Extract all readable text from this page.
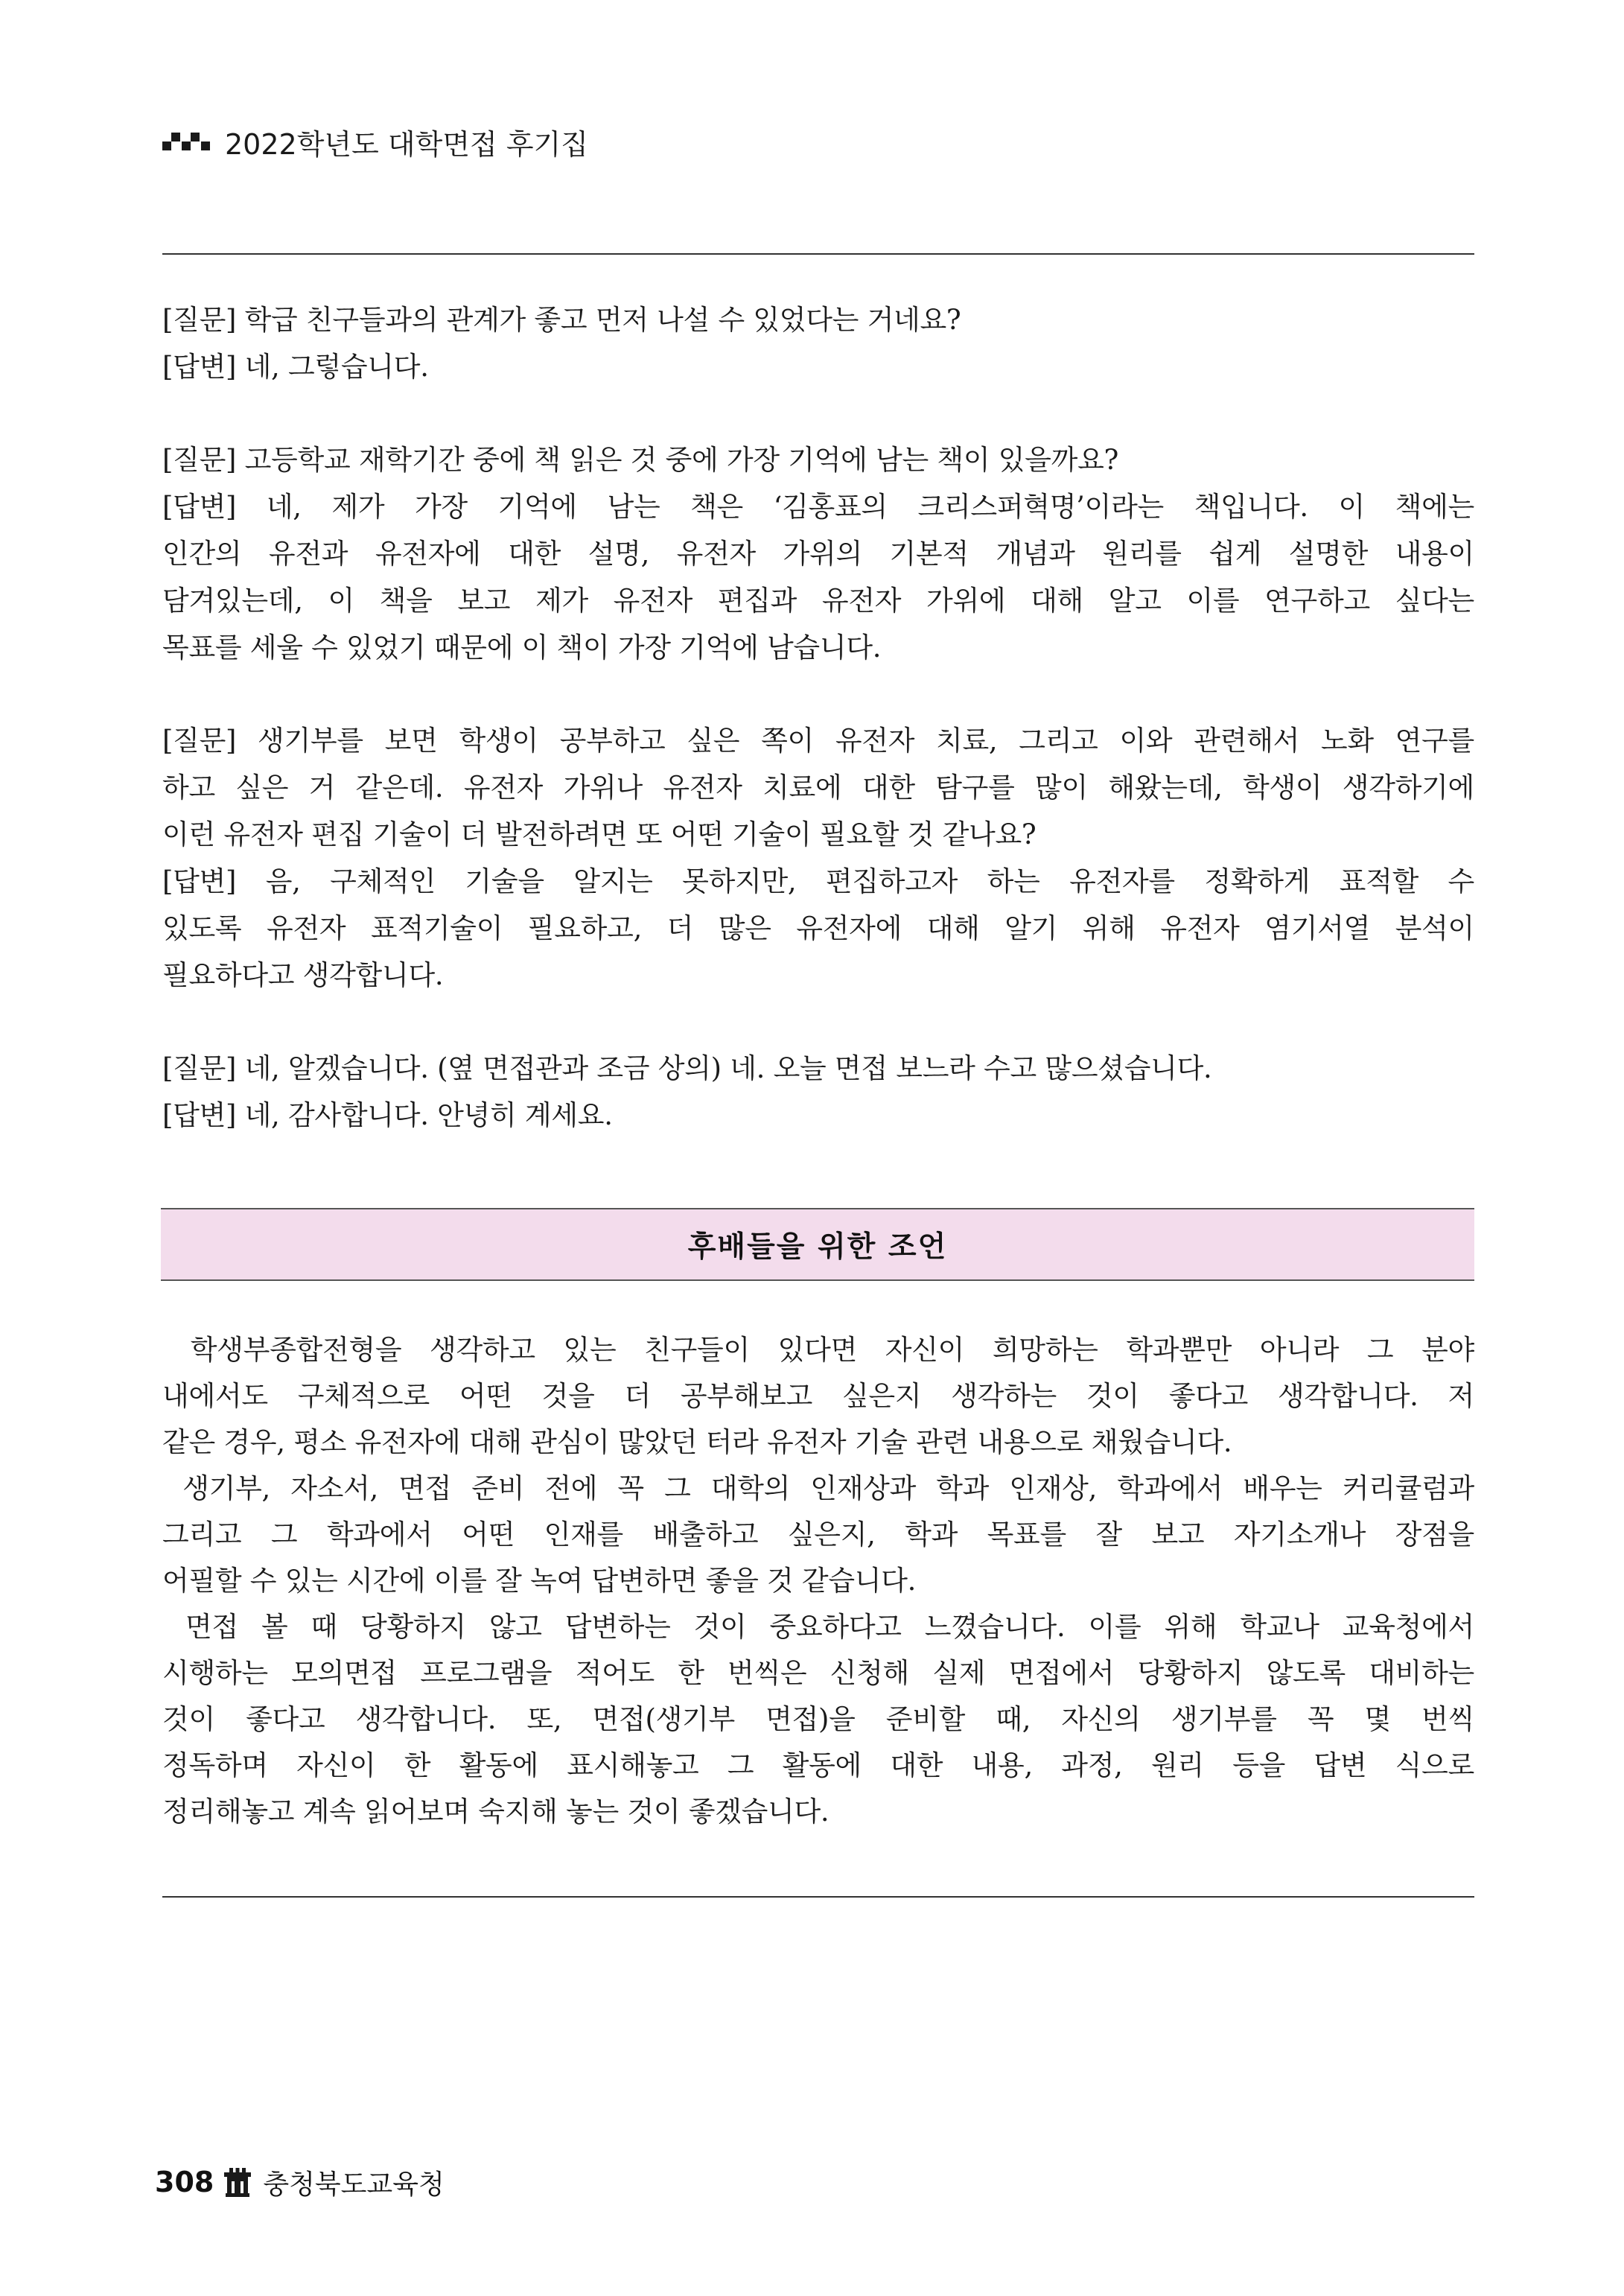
2022학년도 대학면접 후기집
[질문] 학급 친구들과의 관계가 좋고 먼저 나설 수 있었다는 거네요?
[답변] 네, 그렇습니다.
[질문] 고등학교 재학기간 중에 책 읽은 것 중에 가장 기억에 남는 책이 있을까요?
[답변] 네, 제가 가장 기억에 남는 책은 ‘김홍표의 크리스퍼혁명’이라는 책입니다. 이 책에는
인간의 유전과 유전자에 대한 설명, 유전자 가위의 기본적 개념과 원리를 쉽게 설명한 내용이
담겨있는데, 이 책을 보고 제가 유전자 편집과 유전자 가위에 대해 알고 이를 연구하고 싶다는
목표를 세울 수 있었기 때문에 이 책이 가장 기억에 남습니다.
[질문] 생기부를 보면 학생이 공부하고 싶은 쪽이 유전자 치료, 그리고 이와 관련해서 노화 연구를
하고 싶은 거 같은데. 유전자 가위나 유전자 치료에 대한 탐구를 많이 해왔는데, 학생이 생각하기에
이런 유전자 편집 기술이 더 발전하려면 또 어떤 기술이 필요할 것 같나요?
[답변] 음, 구체적인 기술을 알지는 못하지만, 편집하고자 하는 유전자를 정확하게 표적할 수
있도록 유전자 표적기술이 필요하고, 더 많은 유전자에 대해 알기 위해 유전자 염기서열 분석이
필요하다고 생각합니다.
[질문] 네, 알겠습니다. (옆 면접관과 조금 상의) 네. 오늘 면접 보느라 수고 많으셨습니다.
[답변] 네, 감사합니다. 안녕히 계세요.
후배들을 위한 조언
학생부종합전형을 생각하고 있는 친구들이 있다면 자신이 희망하는 학과뿐만 아니라 그 분야
내에서도 구체적으로 어떤 것을 더 공부해보고 싶은지 생각하는 것이 좋다고 생각합니다. 저
같은 경우, 평소 유전자에 대해 관심이 많았던 터라 유전자 기술 관련 내용으로 채웠습니다.
생기부, 자소서, 면접 준비 전에 꼭 그 대학의 인재상과 학과 인재상, 학과에서 배우는 커리큘럼과
그리고 그 학과에서 어떤 인재를 배출하고 싶은지, 학과 목표를 잘 보고 자기소개나 장점을
어필할 수 있는 시간에 이를 잘 녹여 답변하면 좋을 것 같습니다.
면접 볼 때 당황하지 않고 답변하는 것이 중요하다고 느꼈습니다. 이를 위해 학교나 교육청에서
시행하는 모의면접 프로그램을 적어도 한 번씩은 신청해 실제 면접에서 당황하지 않도록 대비하는
것이 좋다고 생각합니다. 또, 면접(생기부 면접)을 준비할 때, 자신의 생기부를 꼭 몇 번씩
정독하며 자신이 한 활동에 표시해놓고 그 활동에 대한 내용, 과정, 원리 등을 답변 식으로
정리해놓고 계속 읽어보며 숙지해 놓는 것이 좋겠습니다.
308 충청북도교육청
